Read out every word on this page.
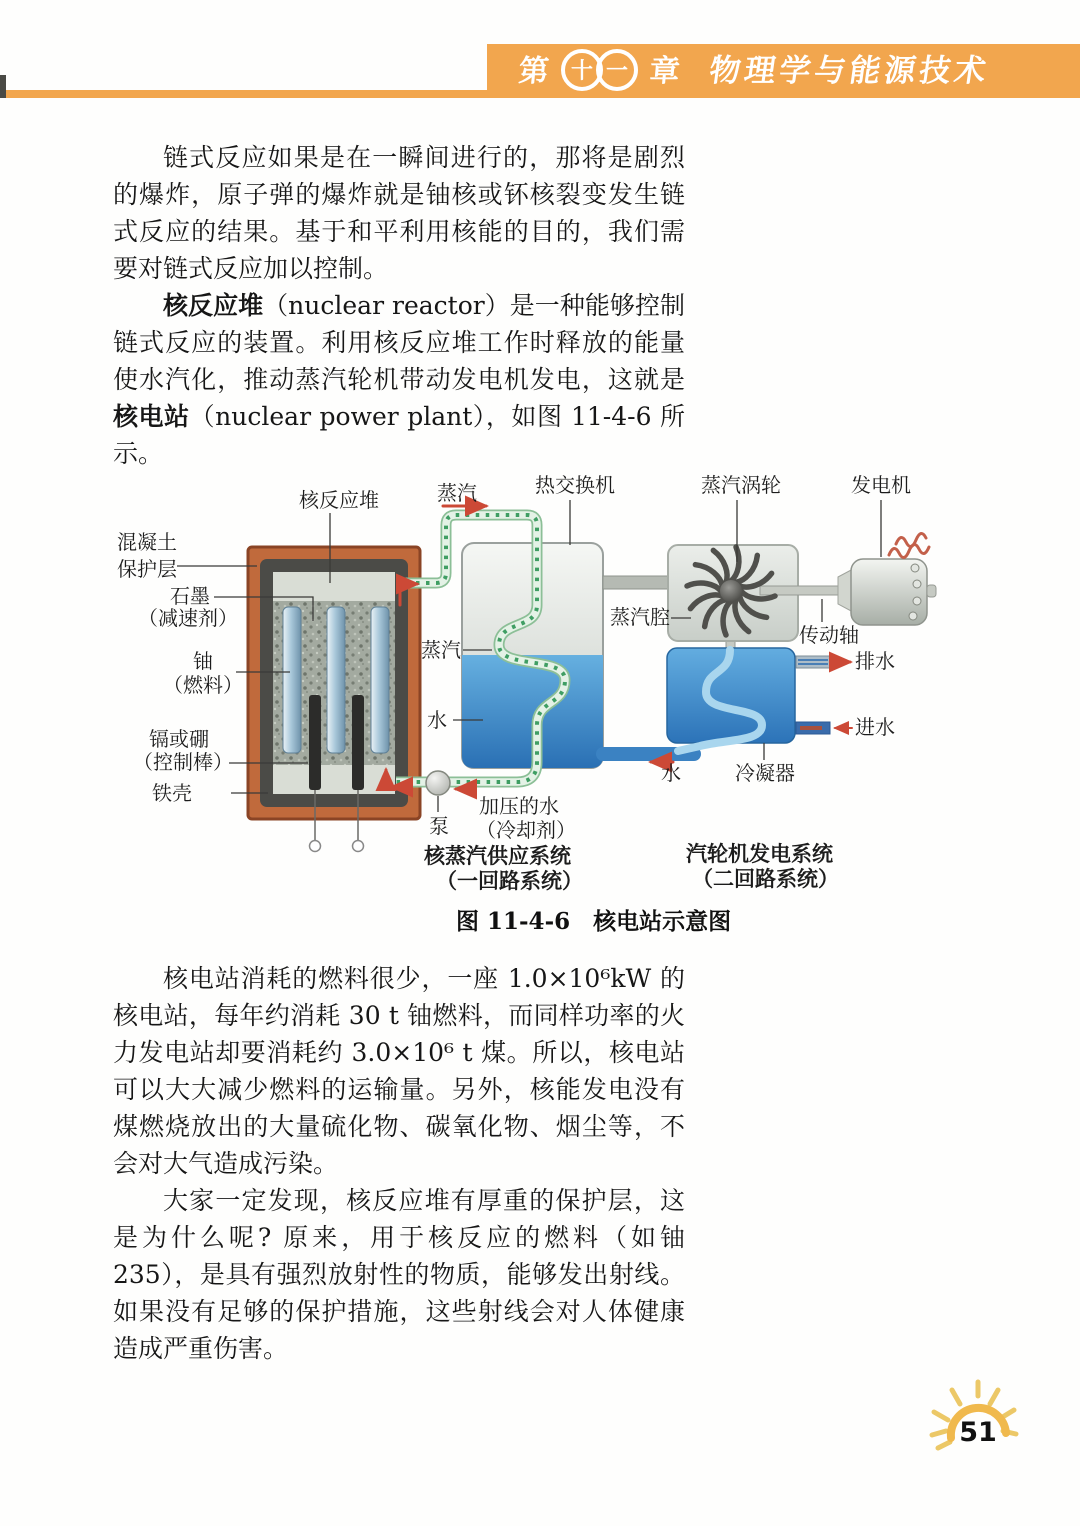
第 十 一 章 物理学与能源技术

链式反应如果是在一瞬间进行的，那将是剧烈的爆炸，原子弹的爆炸就是铀核或钚核裂变发生链式反应的结果。基于和平利用核能的目的，我们需要对链式反应加以控制。

核反应堆（nuclear reactor）是一种能够控制链式反应的装置。利用核反应堆工作时释放的能量使水汽化，推动蒸汽轮机带动发电机发电，这就是核电站（nuclear power plant），如图 11-4-6 所示。

核反应堆	蒸汽	热交换机	蒸汽涡轮	发电机
混凝土
保护层
石墨
（减速剂）
铀
（燃料）
镉或硼
（控制棒）
铁壳
蒸汽
水
泵
加压的水
（冷却剂）
蒸汽腔
传动轴
排水
进水
水	冷凝器
核蒸汽供应系统
（一回路系统）
汽轮机发电系统
（二回路系统）
图 11-4-6　核电站示意图

核电站消耗的燃料很少，一座 1.0×10⁶kW 的核电站，每年约消耗 30 t 铀燃料，而同样功率的火力发电站却要消耗约 3.0×10⁶ t 煤。所以，核电站可以大大减少燃料的运输量。另外，核能发电没有煤燃烧放出的大量硫化物、碳氧化物、烟尘等，不会对大气造成污染。

大家一定发现，核反应堆有厚重的保护层，这是为什么呢? 原来，用于核反应的燃料（如铀235），是具有强烈放射性的物质，能够发出射线。如果没有足够的保护措施，这些射线会对人体健康造成严重伤害。

51
